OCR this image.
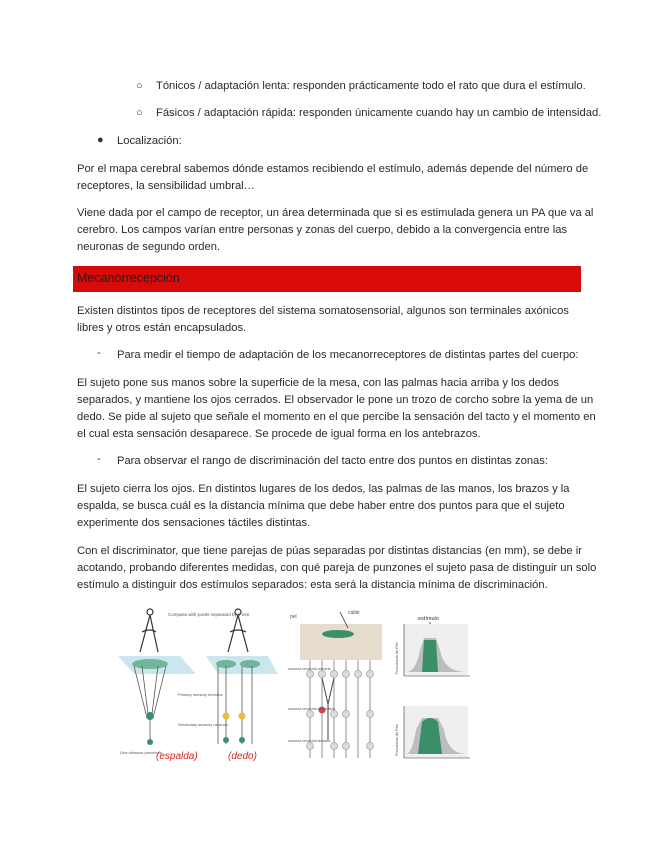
○ Tónicos / adaptación lenta: responden prácticamente todo el rato que dura el estímulo.
○ Fásicos / adaptación rápida: responden únicamente cuando hay un cambio de intensidad.
● Localización:
Por el mapa cerebral sabemos dónde estamos recibiendo el estímulo, además depende del número de
receptores, la sensibilidad umbral…
Viene dada por el campo de receptor, un área determinada que si es estimulada genera un PA que va al
cerebro. Los campos varían entre personas y zonas del cuerpo, debido a la convergencia entre las
neuronas de segundo orden.
Mecanorrecepción
Existen distintos tipos de receptores del sistema somatosensorial, algunos son terminales axónicos
libres y otros están encapsulados.
- Para medir el tiempo de adaptación de los mecanorreceptores de distintas partes del cuerpo:
El sujeto pone sus manos sobre la superficie de la mesa, con las palmas hacia arriba y los dedos
separados, y mantiene los ojos cerrados. El observador le pone un trozo de corcho sobre la yema de un
dedo. Se pide al sujeto que señale el momento en el que percibe la sensación del tacto y el momento en
el cual esta sensación desaparece. Se procede de igual forma en los antebrazos.
- Para observar el rango de discriminación del tacto entre dos puntos en distintas zonas:
El sujeto cierra los ojos. En distintos lugares de los dedos, las palmas de las manos, los brazos y la
espalda, se busca cuál es la distancia mínima que debe haber entre dos puntos para que el sujeto
experimente dos sensaciones táctiles distintas.
Con el discriminator, que tiene parejas de púas separadas por distintas distancias (en mm), se debe ir
acotando, probando diferentes medidas, con qué pareja de punzones el sujeto pasa de distinguir un solo
estímulo a distinguir dos estímulos separados: esta será la distancia mínima de discriminación.
Compass with points separated by 2 mm
Primary sensory neurons
Secondary sensory neurons
One stimulus perceived
(espalda)	(dedo)
pel
calibr
neurona sensorial primaria
neurona sensorial secundaria
neurona sensorial terciaria
estímulo
Frecuencia de PAs
Frecuencia de PAs
